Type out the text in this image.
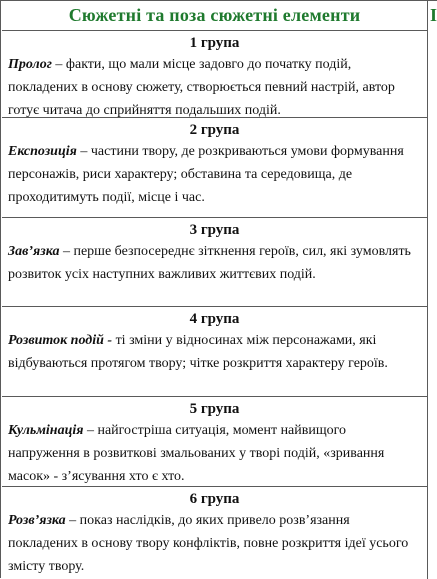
Сюжетні та поза сюжетні елементи	I
1 група
Пролог – факти, що мали місце задовго до початку подій, покладених в основу сюжету, створюється певний настрій, автор готує читача до сприйняття подальших подій.
2 група
Експозиція – частини твору, де розкриваються умови формування персонажів, риси характеру; обставина та середовища, де проходитимуть події, місце і час.
3 група
Зав’язка – перше безпосереднє зіткнення героїв, сил, які зумовлять розвиток усіх наступних важливих життєвих подій.
4 група
Розвиток подій - ті зміни у відносинах між персонажами, які відбуваються протягом твору; чітке розкриття характеру героїв.
5 група
Кульмінація – найгостріша ситуація, момент найвищого напруження в розвиткові змальованих у творі подій, «зривання масок» - з’ясування хто є хто.
6 група
Розв’язка – показ наслідків, до яких привело розв’язання покладених в основу твору конфліктів, повне розкриття ідеї усього змісту твору.
